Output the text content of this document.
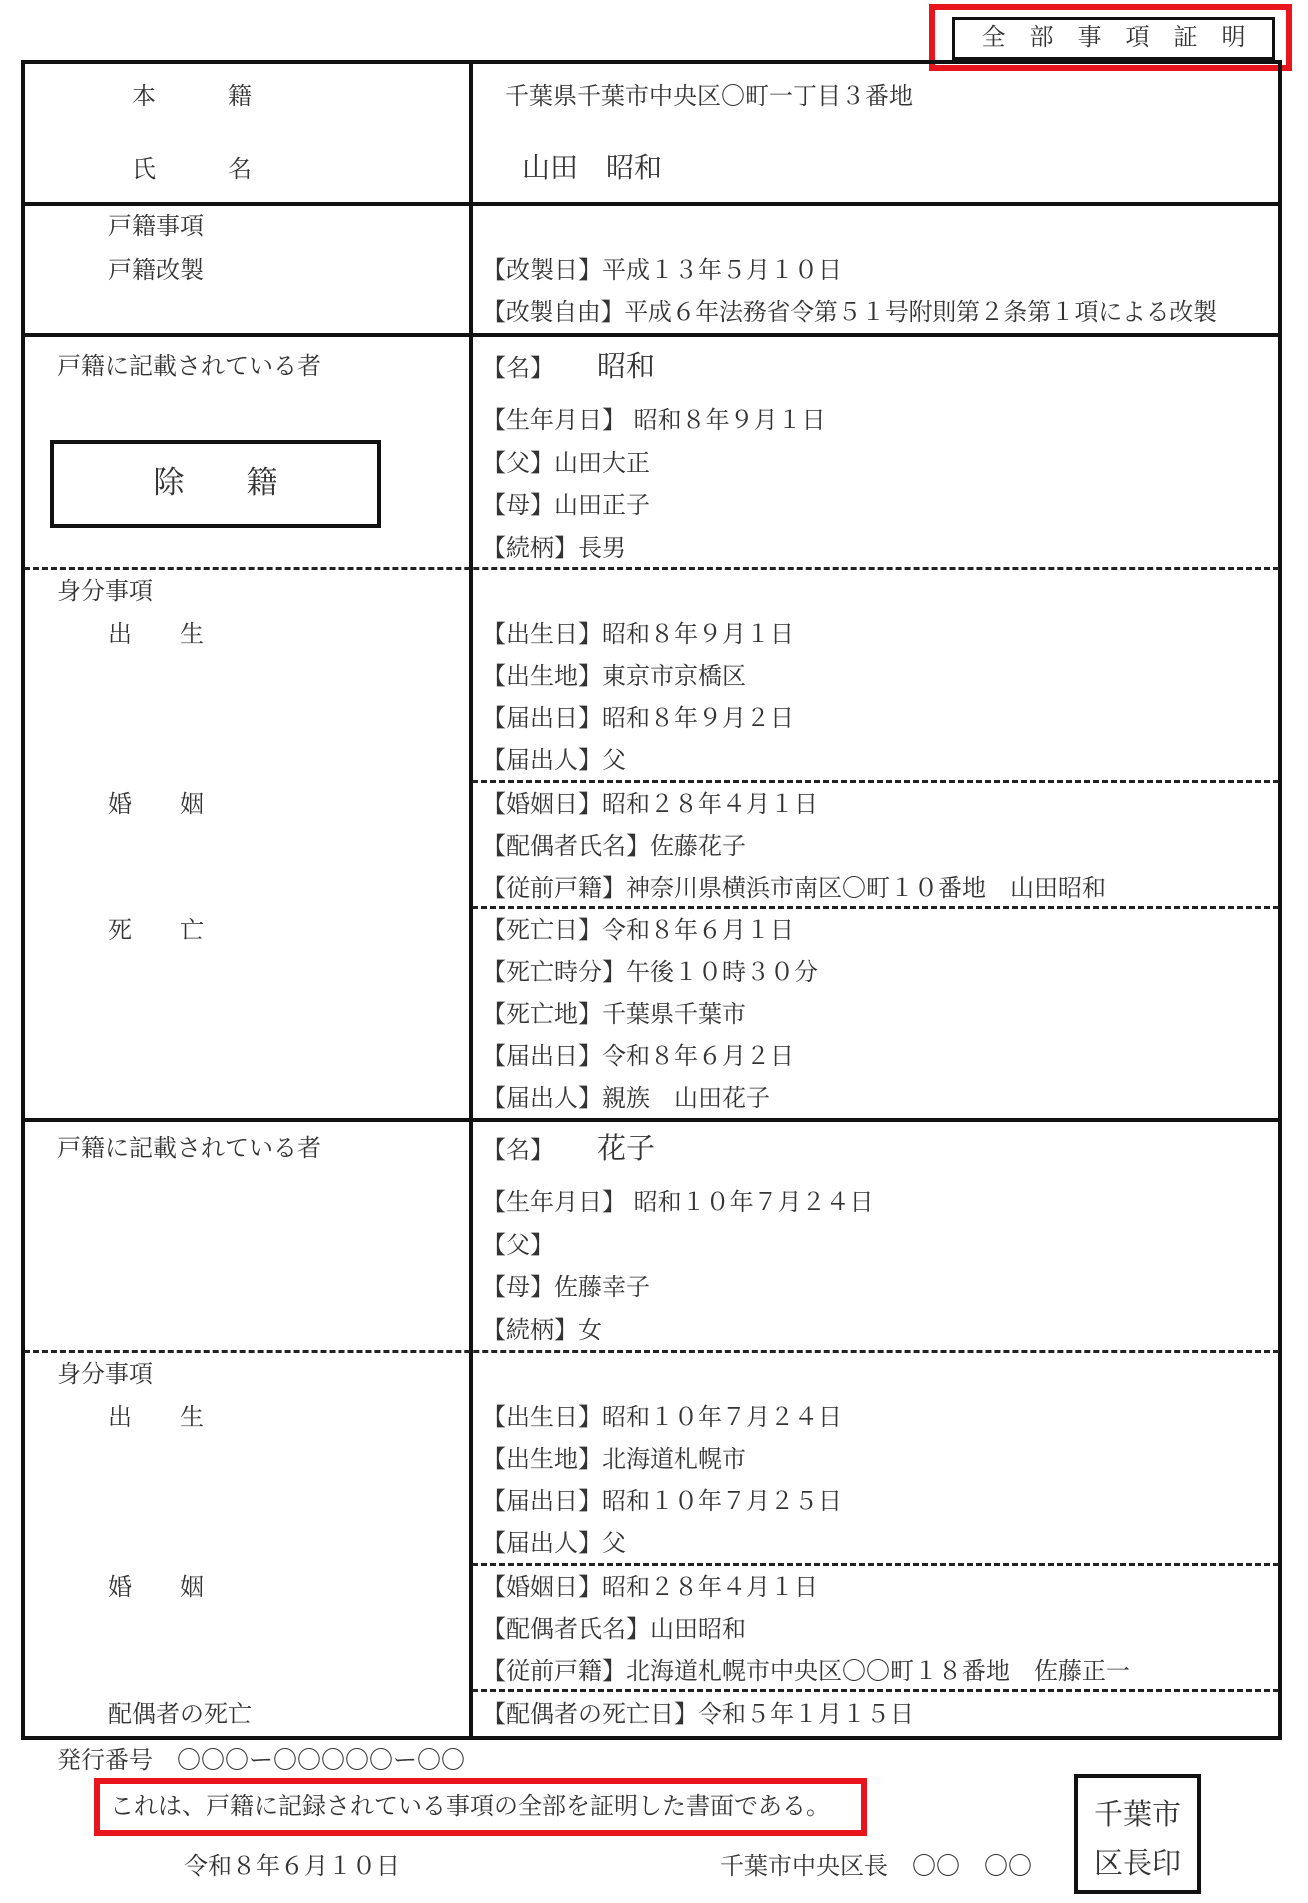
全　部　事　項　証　明
本　　　籍	千葉県千葉市中央区〇町一丁目３番地
氏　　　名	山田　昭和
戸籍事項
戸籍改製	【改製日】平成１３年５月１０日
【改製自由】平成６年法務省令第５１号附則第２条第１項による改製
戸籍に記載されている者
除　　籍
【名】 昭和
【生年月日】 昭和８年９月１日
【父】山田大正
【母】山田正子
【続柄】長男
身分事項
出　　生	【出生日】昭和８年９月１日
【出生地】東京市京橋区
【届出日】昭和８年９月２日
【届出人】父
婚　　姻	【婚姻日】昭和２８年４月１日
【配偶者氏名】佐藤花子
【従前戸籍】神奈川県横浜市南区〇町１０番地　山田昭和
死　　亡	【死亡日】令和８年６月１日
【死亡時分】午後１０時３０分
【死亡地】千葉県千葉市
【届出日】令和８年６月２日
【届出人】親族　山田花子
戸籍に記載されている者	【名】 花子
【生年月日】 昭和１０年７月２４日
【父】
【母】佐藤幸子
【続柄】女
身分事項
出　　生	【出生日】昭和１０年７月２４日
【出生地】北海道札幌市
【届出日】昭和１０年７月２５日
【届出人】父
婚　　姻	【婚姻日】昭和２８年４月１日
【配偶者氏名】山田昭和
【従前戸籍】北海道札幌市中央区〇〇町１８番地　佐藤正一
配偶者の死亡	【配偶者の死亡日】令和５年１月１５日
発行番号　〇〇〇ー〇〇〇〇〇ー〇〇
これは、戸籍に記録されている事項の全部を証明した書面である。
令和８年６月１０日	千葉市中央区長　〇〇　〇〇
千葉市
区長印
